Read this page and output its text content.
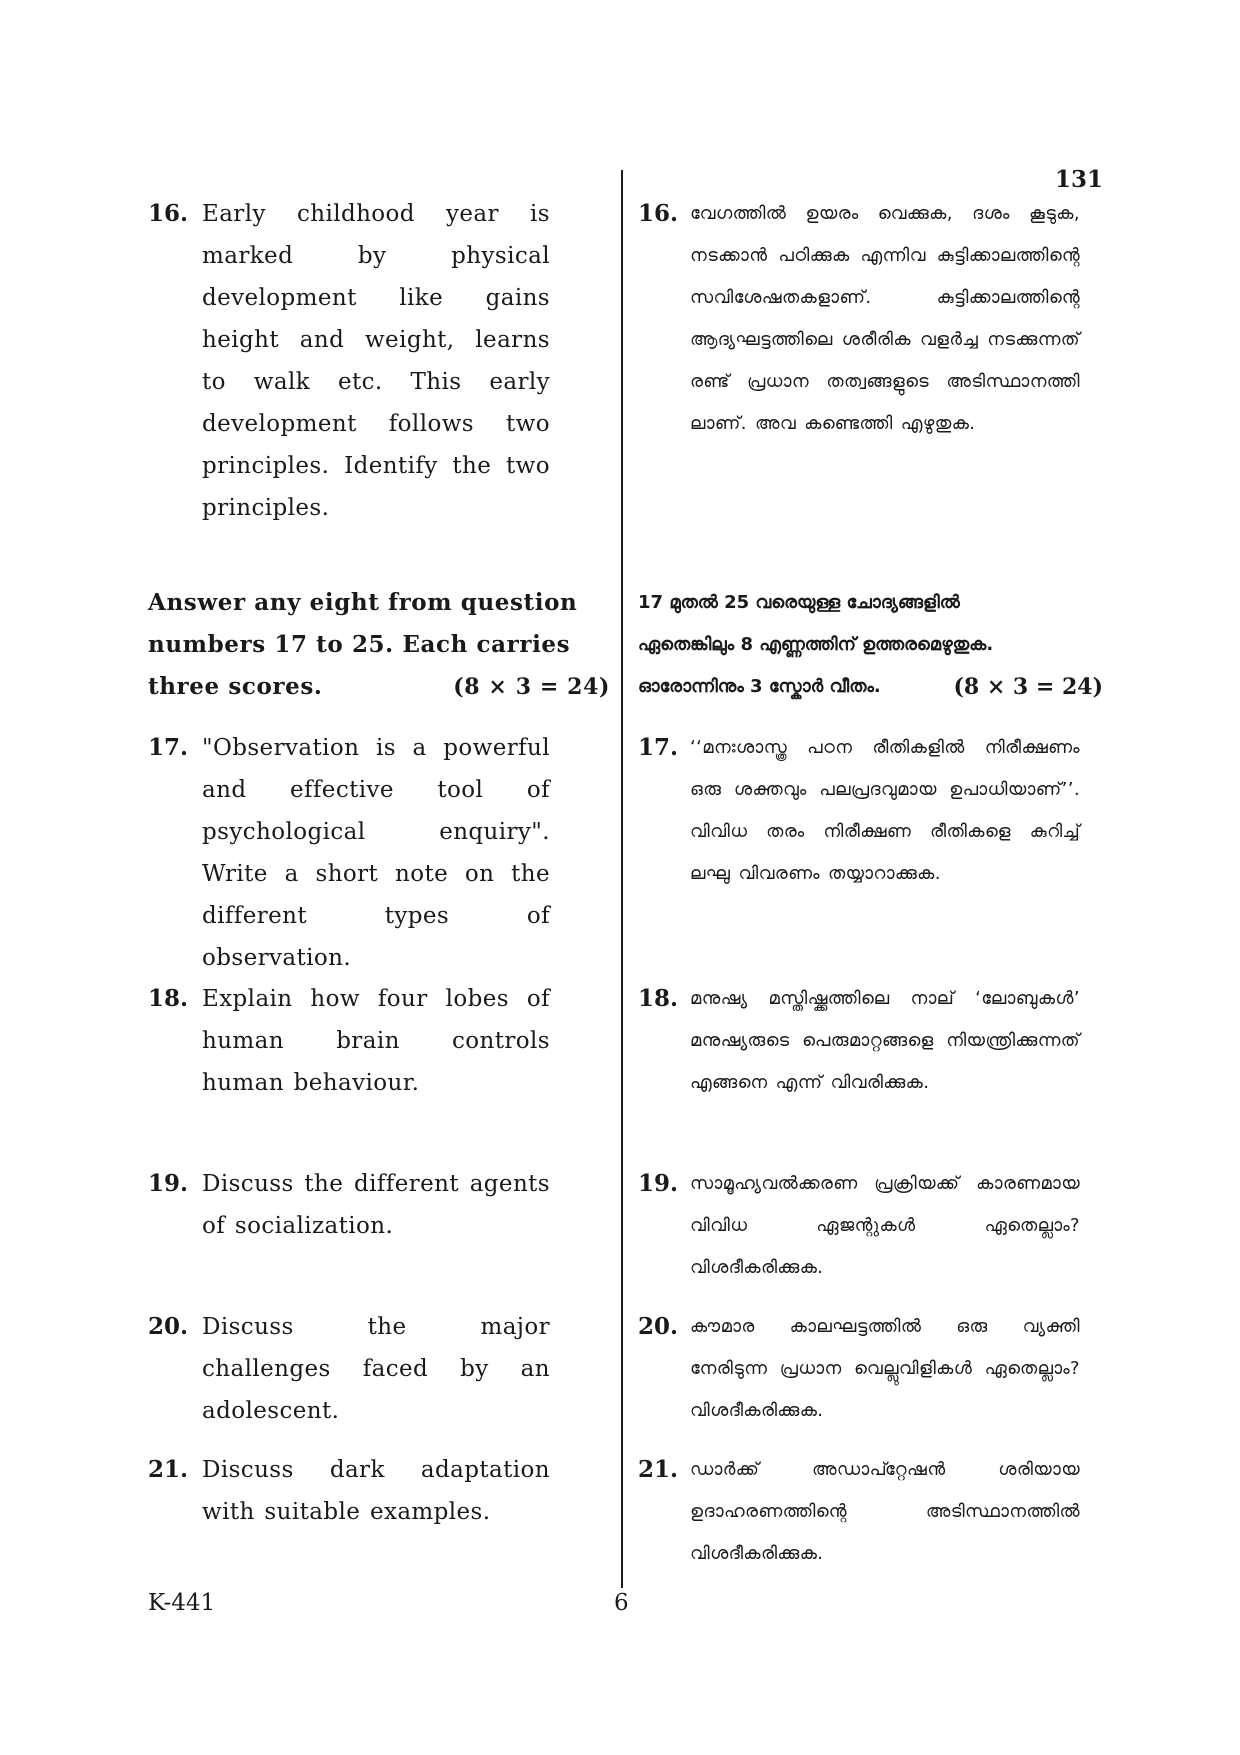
131
16. Early childhood year is marked by physical development like gains height and weight, learns to walk etc. This early development follows two principles. Identify the two principles.
16. വേഗത്തിൽ ഉയരം വെക്കുക, ദശം കൂടുക, നടക്കാൻ പഠിക്കുക എന്നിവ കുട്ടിക്കാലത്തിന്റെ സവിശേഷതകളാണ്. കുട്ടിക്കാലത്തിന്റെ ആദ്യഘട്ടത്തിലെ ശരീരിക വളർച്ച നടക്കുന്നത് രണ്ട് പ്രധാന തത്വങ്ങളുടെ അടിസ്ഥാനത്തി ലാണ്. അവ കണ്ടെത്തി എഴുതുക.
Answer any eight from question
numbers 17 to 25. Each carries
three scores.	(8 × 3 = 24)
17 മുതൽ 25 വരെയുള്ള ചോദ്യങ്ങളിൽ
ഏതെങ്കിലും 8 എണ്ണത്തിന് ഉത്തരമെഴുതുക.
ഓരോന്നിനും 3 സ്കോർ വീതം.	(8 × 3 = 24)
17. "Observation is a powerful and effective tool of psychological enquiry". Write a short note on the different types of observation.
17. ‘‘മനഃശാസ്ത്ര പഠന രീതികളിൽ നിരീക്ഷണം ഒരു ശക്തവും പലപ്രദവുമായ ഉപാധിയാണ്’’. വിവിധ തരം നിരീക്ഷണ രീതികളെ കുറിച്ച് ലഘു വിവരണം തയ്യാറാക്കുക.
18. Explain how four lobes of human brain controls human behaviour.
18. മനുഷ്യ മസ്തിഷ്ക്കത്തിലെ നാല് ‘ലോബുകൾ’ മനുഷ്യരുടെ പെരുമാറ്റങ്ങളെ നിയന്ത്രിക്കുന്നത് എങ്ങനെ എന്ന് വിവരിക്കുക.
19. Discuss the different agents of socialization.
19. സാമൂഹ്യവൽക്കരണ പ്രക്രിയക്ക് കാരണമായ വിവിധ ഏജന്റുകൾ ഏതെല്ലാം? വിശദീകരിക്കുക.
20. Discuss the major challenges faced by an adolescent.
20. കൗമാര കാലഘട്ടത്തിൽ ഒരു വ്യക്തി നേരിടുന്ന പ്രധാന വെല്ലുവിളികൾ ഏതെല്ലാം? വിശദീകരിക്കുക.
21. Discuss dark adaptation with suitable examples.
21. ഡാർക്ക് അഡാപ്റ്റേഷൻ ശരിയായ ഉദാഹരണത്തിന്റെ അടിസ്ഥാനത്തിൽ വിശദീകരിക്കുക.
K-441	6
